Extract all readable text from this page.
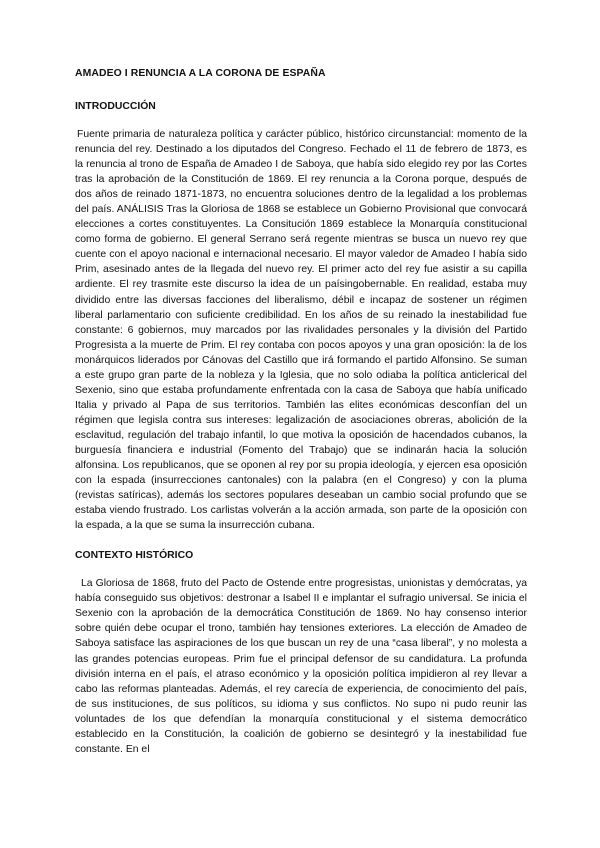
AMADEO I RENUNCIA A LA CORONA DE ESPAÑA
INTRODUCCIÓN

Fuente primaria de naturaleza política y carácter público, histórico circunstancial: momento de la renuncia del rey. Destinado a los diputados del Congreso. Fechado el 11 de febrero de 1873, es la renuncia al trono de España de Amadeo I de Saboya, que había sido elegido rey por las Cortes tras la aprobación de la Constitución de 1869. El rey renuncia a la Corona porque, después de dos años de reinado 1871-1873, no encuentra soluciones dentro de la legalidad a los problemas del país. ANÁLISIS Tras la Gloriosa de 1868 se establece un Gobierno Provisional que convocará elecciones a cortes constituyentes. La Consitución 1869 establece la Monarquía constitucional como forma de gobierno. El general Serrano será regente mientras se busca un nuevo rey que cuente con el apoyo nacional e internacional necesario. El mayor valedor de Amadeo I había sido Prim, asesinado antes de la llegada del nuevo rey. El primer acto del rey fue asistir a su capilla ardiente. El rey trasmite este discurso la idea de un paísingobernable. En realidad, estaba muy dividido entre las diversas facciones del liberalismo, débil e incapaz de sostener un régimen liberal parlamentario con suficiente credibilidad. En los años de su reinado la inestabilidad fue constante: 6 gobiernos, muy marcados por las rivalidades personales y la división del Partido Progresista a la muerte de Prim. El rey contaba con pocos apoyos y una gran oposición: la de los monárquicos liderados por Cánovas del Castillo que irá formando el partido Alfonsino. Se suman a este grupo gran parte de la nobleza y la Iglesia, que no solo odiaba la política anticlerical del Sexenio, sino que estaba profundamente enfrentada con la casa de Saboya que había unificado Italia y privado al Papa de sus territorios. También las elites económicas desconfían del un régimen que legisla contra sus intereses: legalización de asociaciones obreras, abolición de la esclavitud, regulación del trabajo infantil, lo que motiva la oposición de hacendados cubanos, la burguesía financiera e industrial (Fomento del Trabajo) que se indinarán hacia la solución alfonsina. Los republicanos, que se oponen al rey por su propia ideología, y ejercen esa oposición con la espada (insurrecciones cantonales) con la palabra (en el Congreso) y con la pluma (revistas satíricas), además los sectores populares deseaban un cambio social profundo que se estaba viendo frustrado. Los carlistas volverán a la acción armada, son parte de la oposición con la espada, a la que se suma la insurrección cubana.

CONTEXTO HISTÓRICO

La Gloriosa de 1868, fruto del Pacto de Ostende entre progresistas, unionistas y demócratas, ya había conseguido sus objetivos: destronar a Isabel II e implantar el sufragio universal. Se inicia el Sexenio con la aprobación de la democrática Constitución de 1869. No hay consenso interior sobre quién debe ocupar el trono, también hay tensiones exteriores. La elección de Amadeo de Saboya satisface las aspiraciones de los que buscan un rey de una “casa liberal”, y no molesta a las grandes potencias europeas. Prim fue el principal defensor de su candidatura. La profunda división interna en el país, el atraso económico y la oposición política impidieron al rey llevar a cabo las reformas planteadas. Además, el rey carecía de experiencia, de conocimiento del país, de sus instituciones, de sus políticos, su idioma y sus conflictos. No supo ni pudo reunir las voluntades de los que defendían la monarquía constitucional y el sistema democrático establecido en la Constitución, la coalición de gobierno se desintegró y la inestabilidad fue constante. En el
